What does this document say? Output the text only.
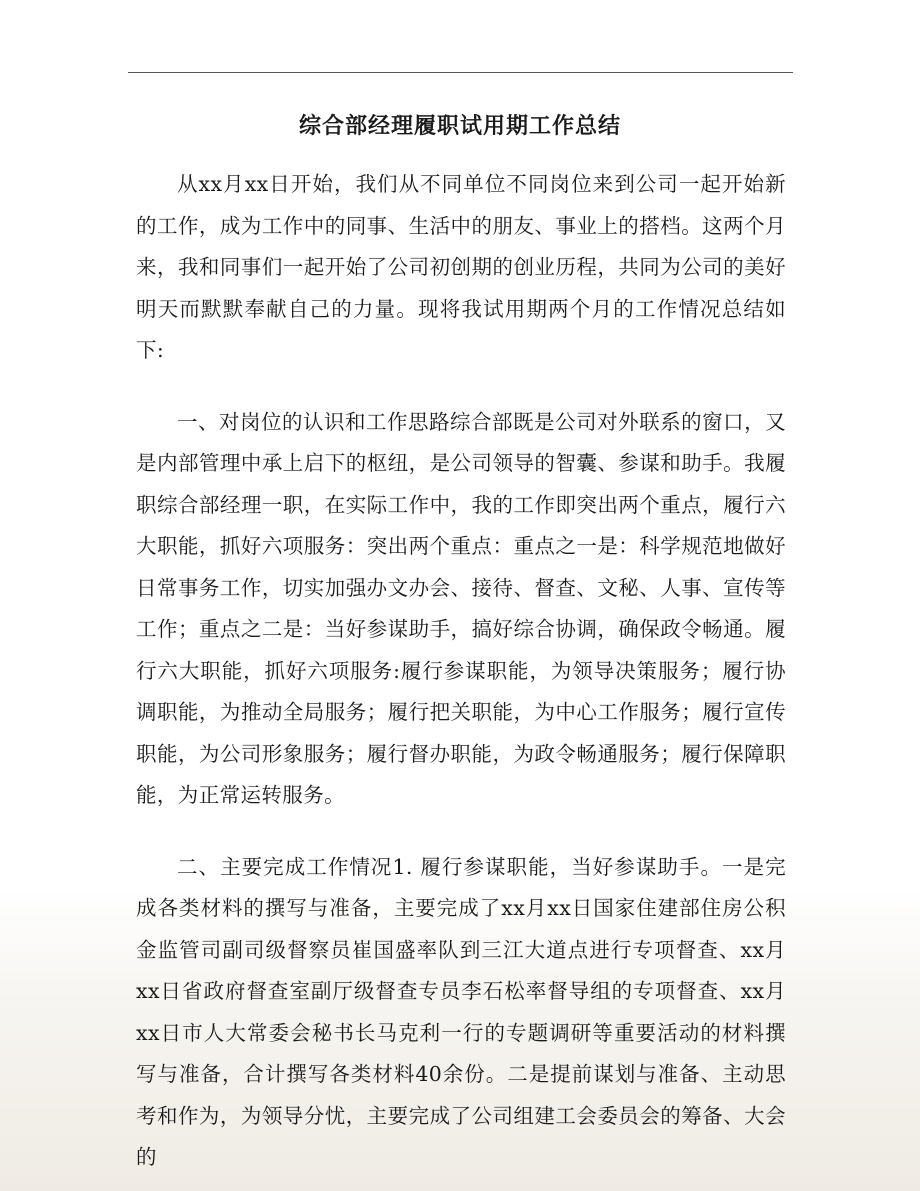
综合部经理履职试用期工作总结

从xx月xx日开始，我们从不同单位不同岗位来到公司一起开始新的工作，成为工作中的同事、生活中的朋友、事业上的搭档。这两个月来，我和同事们一起开始了公司初创期的创业历程，共同为公司的美好明天而默默奉献自己的力量。现将我试用期两个月的工作情况总结如下:

一、对岗位的认识和工作思路综合部既是公司对外联系的窗口，又是内部管理中承上启下的枢纽，是公司领导的智囊、参谋和助手。我履职综合部经理一职，在实际工作中，我的工作即突出两个重点，履行六大职能，抓好六项服务：突出两个重点：重点之一是：科学规范地做好日常事务工作，切实加强办文办会、接待、督查、文秘、人事、宣传等工作；重点之二是：当好参谋助手，搞好综合协调，确保政令畅通。履行六大职能，抓好六项服务:履行参谋职能，为领导决策服务；履行协调职能，为推动全局服务；履行把关职能，为中心工作服务；履行宣传职能，为公司形象服务；履行督办职能，为政令畅通服务；履行保障职能，为正常运转服务。

二、主要完成工作情况1. 履行参谋职能，当好参谋助手。一是完成各类材料的撰写与准备，主要完成了xx月xx日国家住建部住房公积金监管司副司级督察员崔国盛率队到三江大道点进行专项督查、xx月xx日省政府督查室副厅级督查专员李石松率督导组的专项督查、xx月xx日市人大常委会秘书长马克利一行的专题调研等重要活动的材料撰写与准备，合计撰写各类材料40余份。二是提前谋划与准备、主动思考和作为，为领导分忧，主要完成了公司组建工会委员会的筹备、大会的
